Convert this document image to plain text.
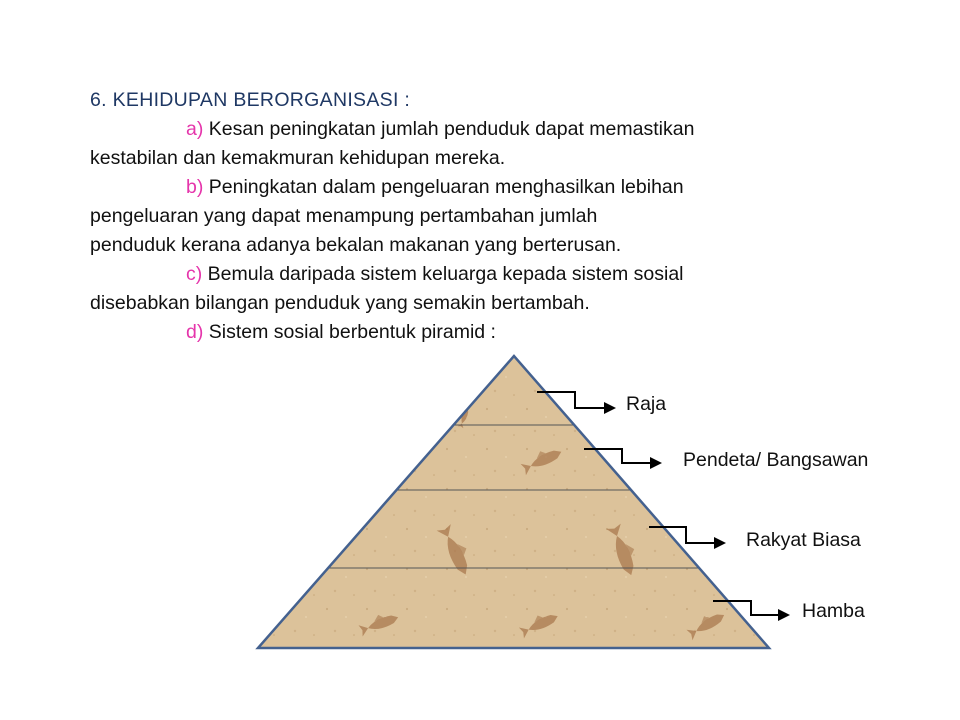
6. KEHIDUPAN BERORGANISASI :
a) Kesan peningkatan jumlah penduduk dapat memastikan
kestabilan dan kemakmuran kehidupan mereka.
b) Peningkatan dalam pengeluaran menghasilkan lebihan
pengeluaran yang dapat menampung pertambahan jumlah
penduduk kerana adanya bekalan makanan yang berterusan.
c) Bemula daripada sistem keluarga kepada sistem sosial
disebabkan bilangan penduduk yang semakin bertambah.
d) Sistem sosial berbentuk piramid :
Raja
Pendeta/ Bangsawan
Rakyat Biasa
Hamba
